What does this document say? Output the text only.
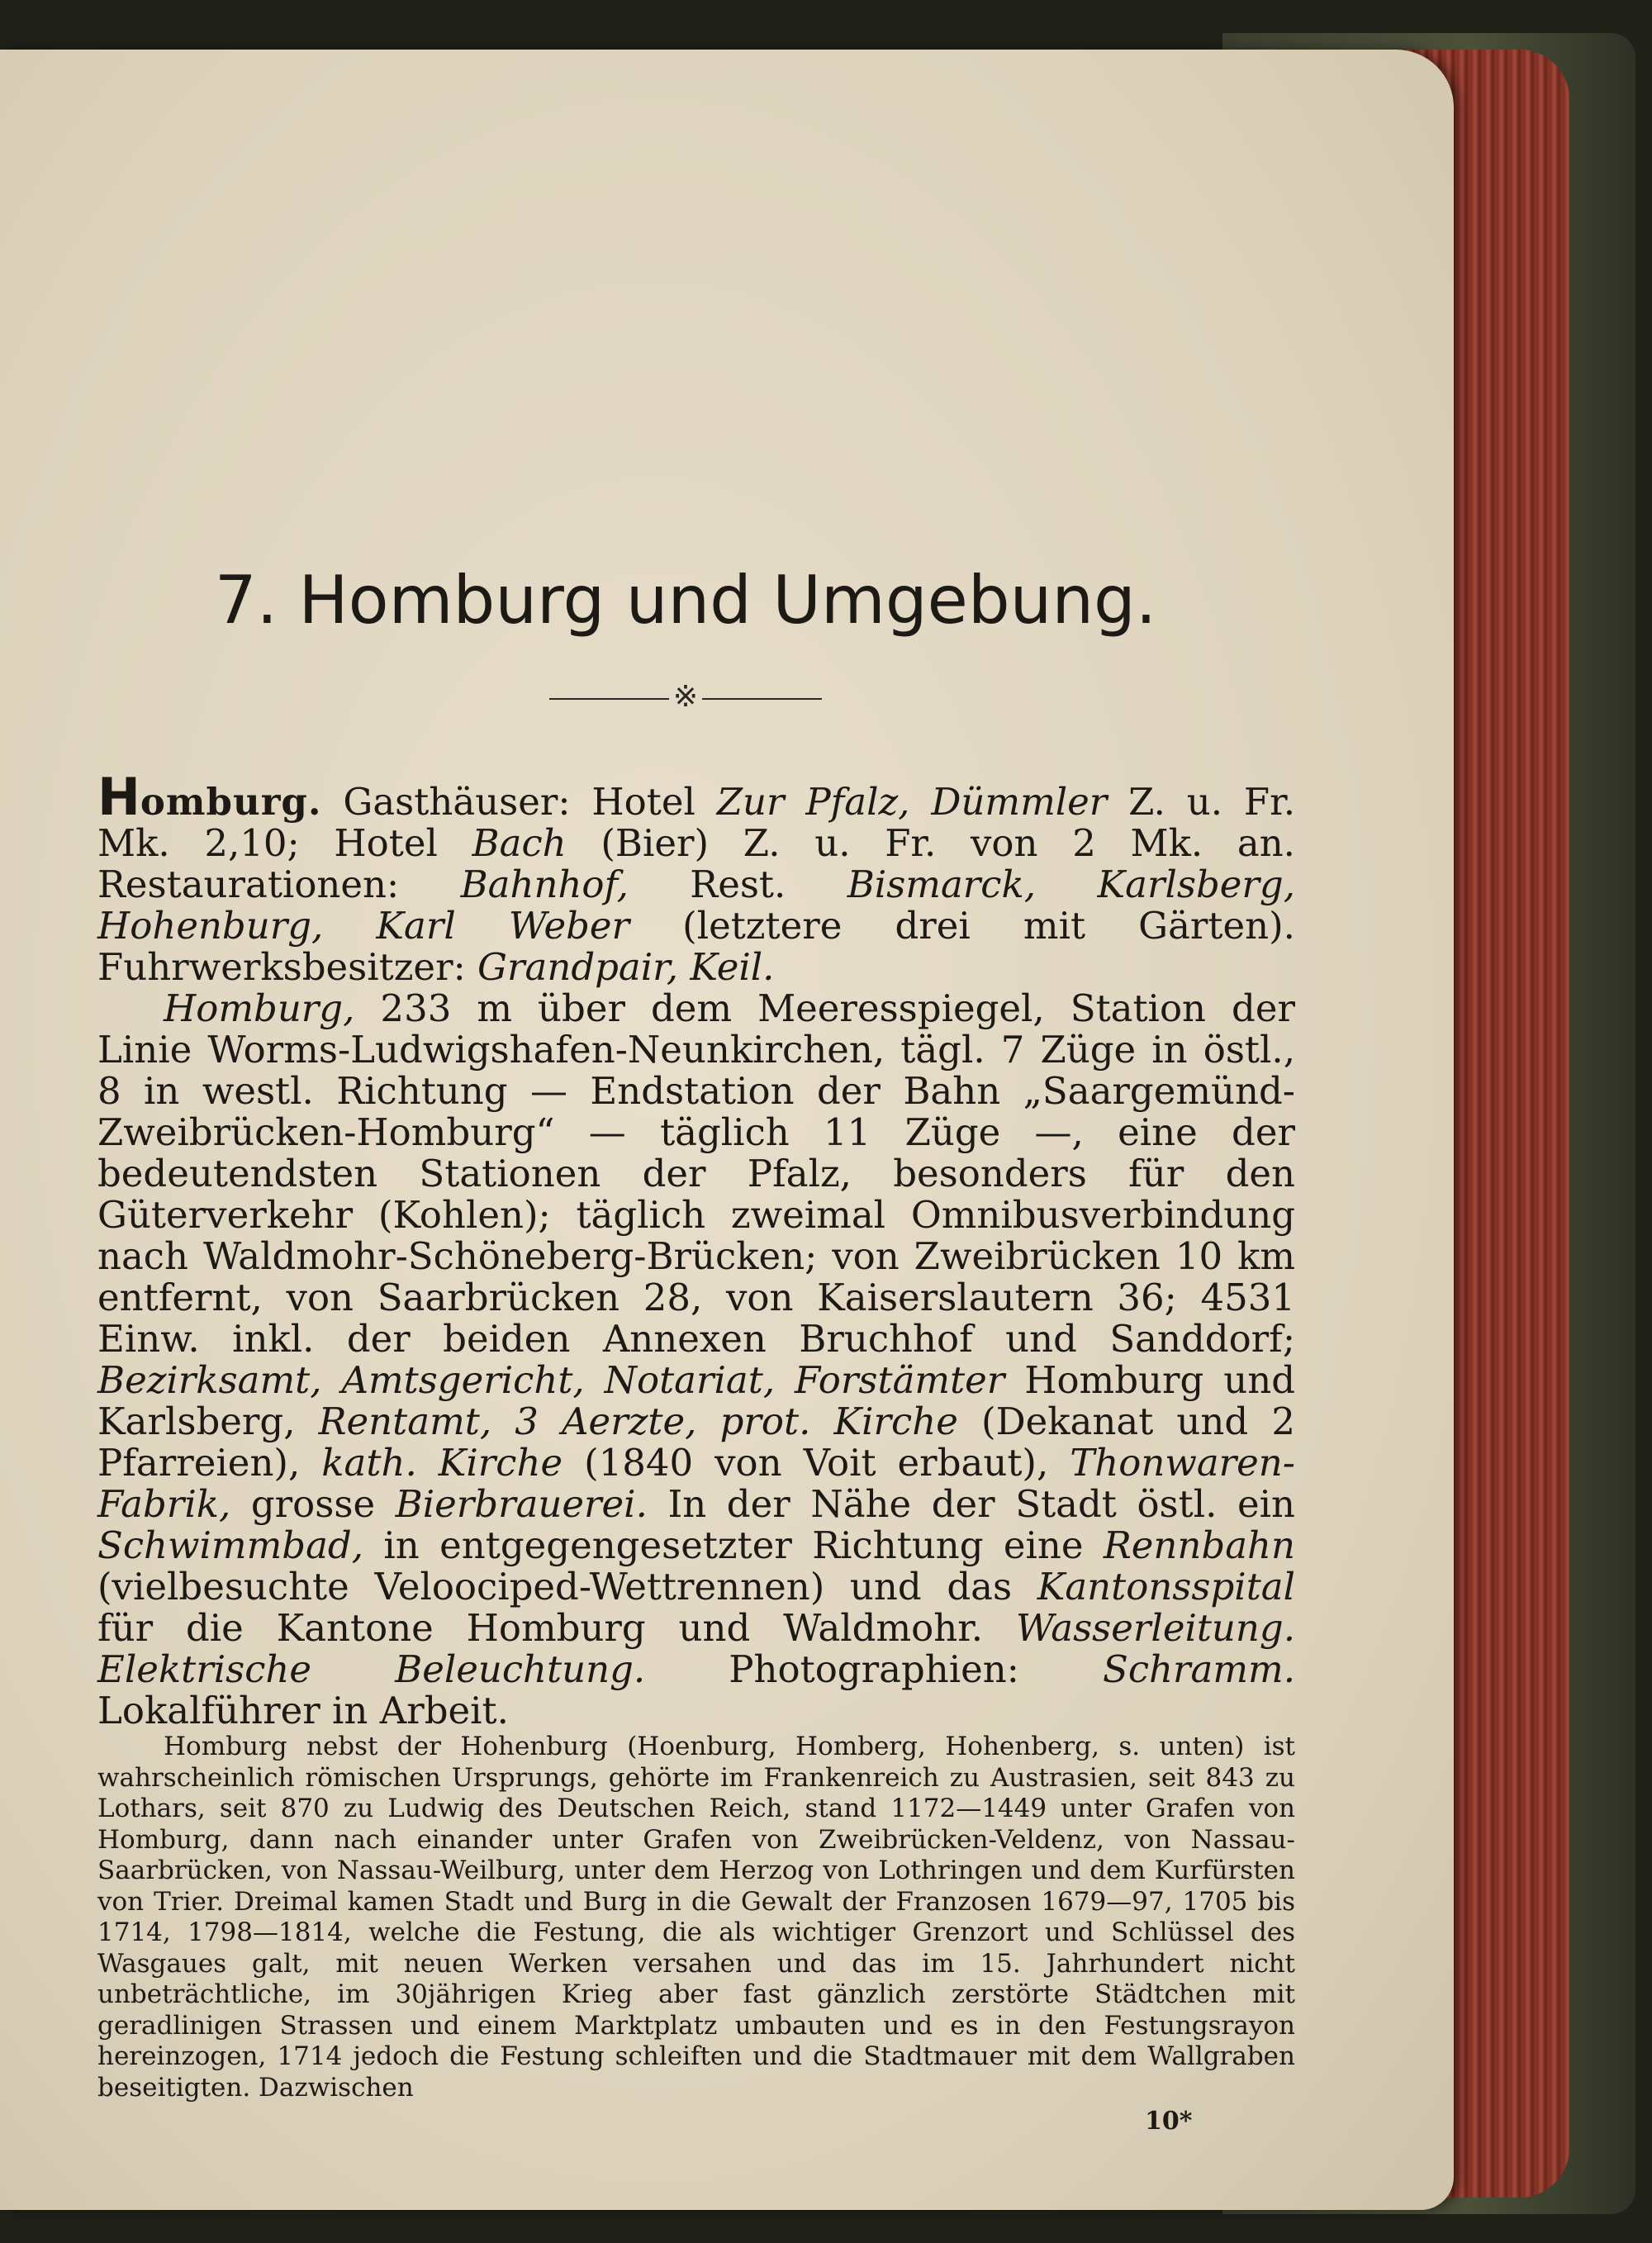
7. Homburg und Umgebung.
※

Homburg. Gasthäuser: Hotel Zur Pfalz, Dümmler Z. u. Fr. Mk. 2,10; Hotel Bach (Bier) Z. u. Fr. von 2 Mk. an. Restaurationen: Bahnhof, Rest. Bismarck, Karlsberg, Hohenburg, Karl Weber (letztere drei mit Gärten). Fuhrwerksbesitzer: Grandpair, Keil.

Homburg, 233 m über dem Meeresspiegel, Station der Linie Worms-Ludwigshafen-Neunkirchen, tägl. 7 Züge in östl., 8 in westl. Richtung — Endstation der Bahn „Saargemünd-Zweibrücken-Homburg“ — täglich 11 Züge —, eine der bedeutendsten Stationen der Pfalz, besonders für den Güterverkehr (Kohlen); täglich zweimal Omnibusverbindung nach Waldmohr-Schöneberg-Brücken; von Zweibrücken 10 km entfernt, von Saarbrücken 28, von Kaiserslautern 36; 4531 Einw. inkl. der beiden Annexen Bruchhof und Sanddorf; Bezirksamt, Amtsgericht, Notariat, Forstämter Homburg und Karlsberg, Rentamt, 3 Aerzte, prot. Kirche (Dekanat und 2 Pfarreien), kath. Kirche (1840 von Voit erbaut), Thonwaren-Fabrik, grosse Bierbrauerei. In der Nähe der Stadt östl. ein Schwimmbad, in entgegengesetzter Richtung eine Rennbahn (vielbesuchte Veloociped-Wettrennen) und das Kantonsspital für die Kantone Homburg und Waldmohr. Wasserleitung. Elektrische Beleuchtung. Photographien: Schramm. Lokalführer in Arbeit.

Homburg nebst der Hohenburg (Hoenburg, Homberg, Hohenberg, s. unten) ist wahrscheinlich römischen Ursprungs, gehörte im Frankenreich zu Austrasien, seit 843 zu Lothars, seit 870 zu Ludwig des Deutschen Reich, stand 1172—1449 unter Grafen von Homburg, dann nach einander unter Grafen von Zweibrücken-Veldenz, von Nassau-Saarbrücken, von Nassau-Weilburg, unter dem Herzog von Lothringen und dem Kurfürsten von Trier. Dreimal kamen Stadt und Burg in die Gewalt der Franzosen 1679—97, 1705 bis 1714, 1798—1814, welche die Festung, die als wichtiger Grenzort und Schlüssel des Wasgaues galt, mit neuen Werken versahen und das im 15. Jahrhundert nicht unbeträchtliche, im 30jährigen Krieg aber fast gänzlich zerstörte Städtchen mit geradlinigen Strassen und einem Marktplatz umbauten und es in den Festungsrayon hereinzogen, 1714 jedoch die Festung schleiften und die Stadtmauer mit dem Wallgraben beseitigten. Dazwischen

10*
